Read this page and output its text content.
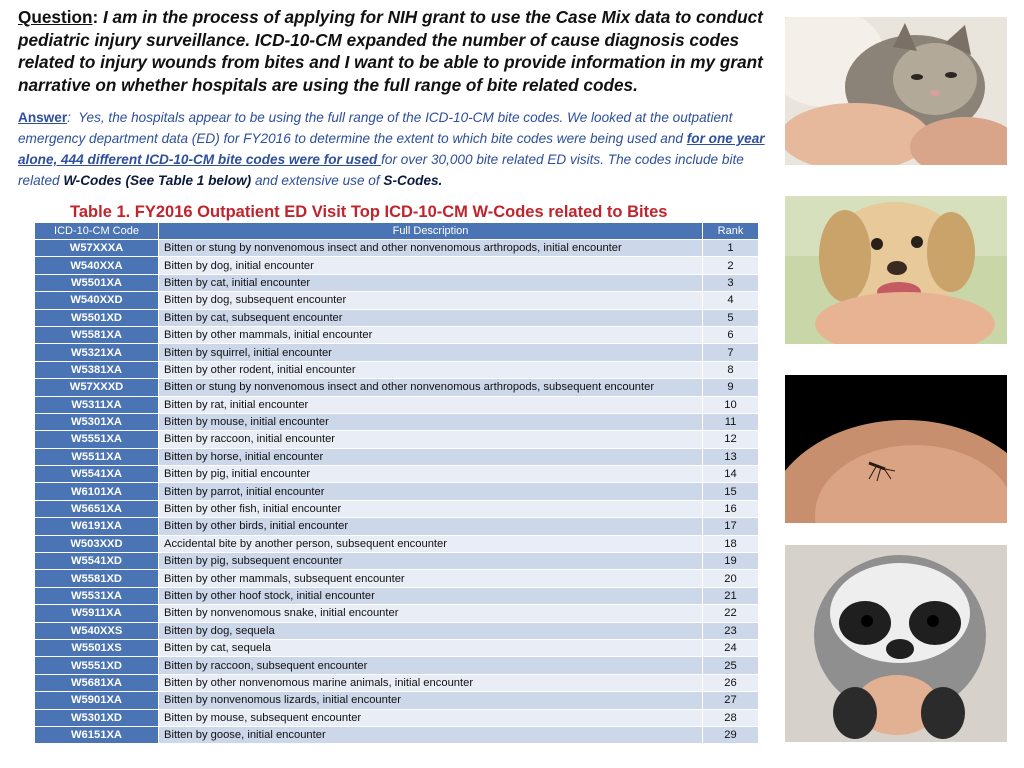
Question: I am in the process of applying for NIH grant to use the Case Mix data to conduct pediatric injury surveillance. ICD-10-CM expanded the number of cause diagnosis codes related to injury wounds from bites and I want to be able to provide information in my grant narrative on whether hospitals are using the full range of bite related codes.
Answer:  Yes, the hospitals appear to be using the full range of the ICD-10-CM bite codes. We looked at the outpatient emergency department data (ED) for FY2016 to determine the extent to which bite codes were being used and for one year alone, 444 different ICD-10-CM bite codes were for used for over 30,000 bite related ED visits. The codes include bite related W-Codes (See Table 1 below) and extensive use of S-Codes.
Table 1. FY2016 Outpatient ED Visit Top ICD-10-CM W-Codes related to Bites
ICD-10-CM Code	Full Description	Rank
W57XXXA	Bitten or stung by nonvenomous insect and other nonvenomous arthropods, initial encounter	1
W540XXA	Bitten by dog, initial encounter	2
W5501XA	Bitten by cat, initial encounter	3
W540XXD	Bitten by dog, subsequent encounter	4
W5501XD	Bitten by cat, subsequent encounter	5
W5581XA	Bitten by other mammals, initial encounter	6
W5321XA	Bitten by squirrel, initial encounter	7
W5381XA	Bitten by other rodent, initial encounter	8
W57XXXD	Bitten or stung by nonvenomous insect and other nonvenomous arthropods, subsequent encounter	9
W5311XA	Bitten by rat, initial encounter	10
W5301XA	Bitten by mouse, initial encounter	11
W5551XA	Bitten by raccoon, initial encounter	12
W5511XA	Bitten by horse, initial encounter	13
W5541XA	Bitten by pig, initial encounter	14
W6101XA	Bitten by parrot, initial encounter	15
W5651XA	Bitten by other fish, initial encounter	16
W6191XA	Bitten by other birds, initial encounter	17
W503XXD	Accidental bite by another person, subsequent encounter	18
W5541XD	Bitten by pig, subsequent encounter	19
W5581XD	Bitten by other mammals, subsequent encounter	20
W5531XA	Bitten by other hoof stock, initial encounter	21
W5911XA	Bitten by nonvenomous snake, initial encounter	22
W540XXS	Bitten by dog, sequela	23
W5501XS	Bitten by cat, sequela	24
W5551XD	Bitten by raccoon, subsequent encounter	25
W5681XA	Bitten by other nonvenomous marine animals, initial encounter	26
W5901XA	Bitten by nonvenomous lizards, initial encounter	27
W5301XD	Bitten by mouse, subsequent encounter	28
W6151XA	Bitten by goose, initial encounter	29
